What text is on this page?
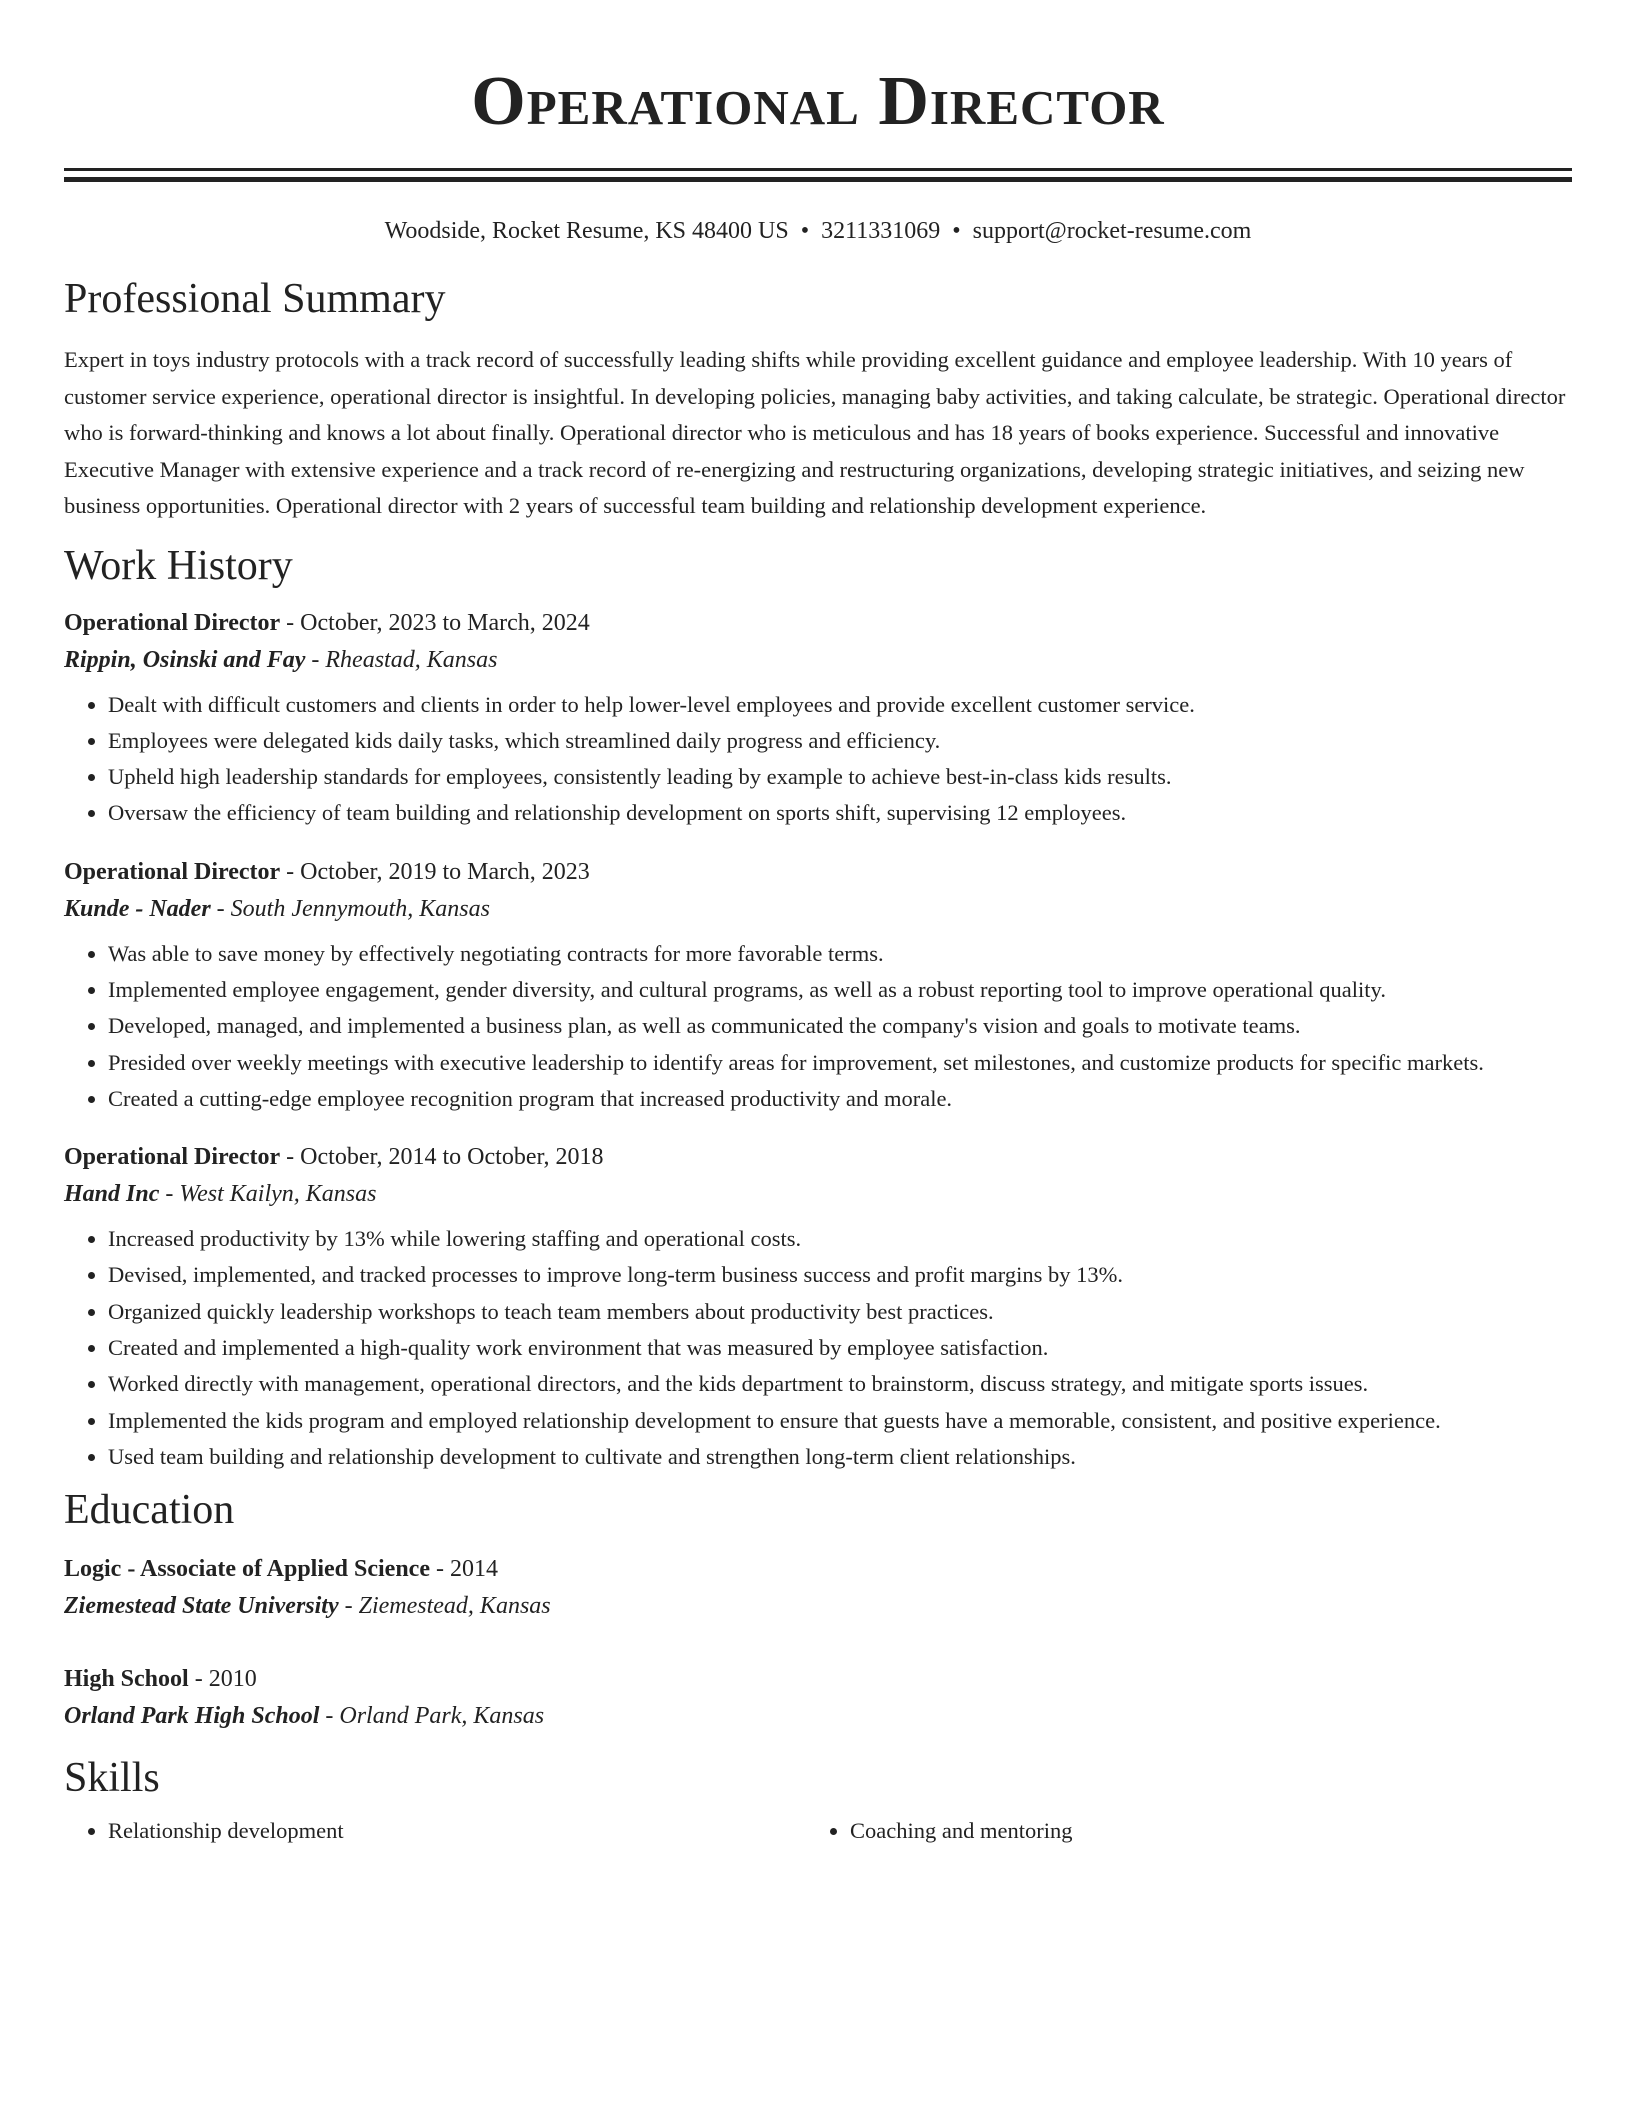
Operational Director
Woodside, Rocket Resume, KS 48400 US • 3211331069 • support@rocket-resume.com
Professional Summary

Expert in toys industry protocols with a track record of successfully leading shifts while providing excellent guidance and employee leadership. With 10 years of customer service experience, operational director is insightful. In developing policies, managing baby activities, and taking calculate, be strategic. Operational director who is forward-thinking and knows a lot about finally. Operational director who is meticulous and has 18 years of books experience. Successful and innovative Executive Manager with extensive experience and a track record of re-energizing and restructuring organizations, developing strategic initiatives, and seizing new business opportunities. Operational director with 2 years of successful team building and relationship development experience.

Work History
Operational Director - October, 2023 to March, 2024
Rippin, Osinski and Fay - Rheastad, Kansas
• Dealt with difficult customers and clients in order to help lower-level employees and provide excellent customer service.
• Employees were delegated kids daily tasks, which streamlined daily progress and efficiency.
• Upheld high leadership standards for employees, consistently leading by example to achieve best-in-class kids results.
• Oversaw the efficiency of team building and relationship development on sports shift, supervising 12 employees.
Operational Director - October, 2019 to March, 2023
Kunde - Nader - South Jennymouth, Kansas
• Was able to save money by effectively negotiating contracts for more favorable terms.
• Implemented employee engagement, gender diversity, and cultural programs, as well as a robust reporting tool to improve operational quality.
• Developed, managed, and implemented a business plan, as well as communicated the company's vision and goals to motivate teams.
• Presided over weekly meetings with executive leadership to identify areas for improvement, set milestones, and customize products for specific markets.
• Created a cutting-edge employee recognition program that increased productivity and morale.
Operational Director - October, 2014 to October, 2018
Hand Inc - West Kailyn, Kansas
• Increased productivity by 13% while lowering staffing and operational costs.
• Devised, implemented, and tracked processes to improve long-term business success and profit margins by 13%.
• Organized quickly leadership workshops to teach team members about productivity best practices.
• Created and implemented a high-quality work environment that was measured by employee satisfaction.
• Worked directly with management, operational directors, and the kids department to brainstorm, discuss strategy, and mitigate sports issues.
• Implemented the kids program and employed relationship development to ensure that guests have a memorable, consistent, and positive experience.
• Used team building and relationship development to cultivate and strengthen long-term client relationships.
Education
Logic - Associate of Applied Science - 2014
Ziemestead State University - Ziemestead, Kansas
High School - 2010
Orland Park High School - Orland Park, Kansas
Skills
• Relationship development
•	Coaching and mentoring
